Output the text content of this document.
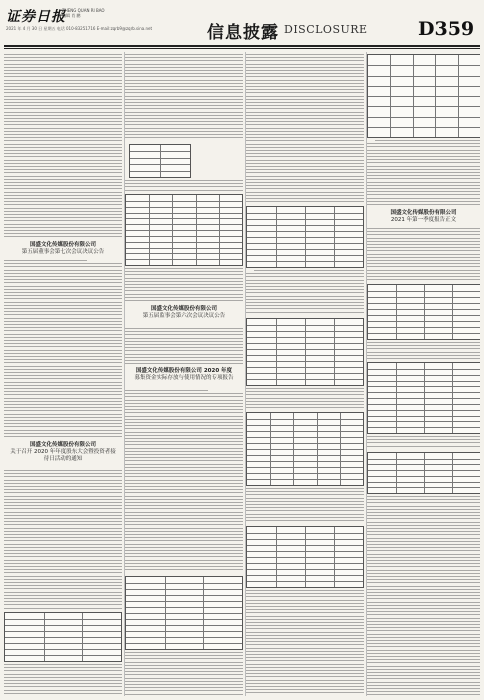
证券日报
ZHENG QUAN RI BAO
编辑 肖 鹏
2021 年 4 月 30 日 星期五 电话 010-83251716 E-mail:zqrb9@zqrb.sina.net	信息披露 DISCLOSURE	D359
国盛文化传媒股份有限公司
第五届董事会第七次会议决议公告
国盛文化传媒股份有限公司
第五届监事会第六次会议决议公告
国盛文化传媒股份有限公司
关于召开 2020 年年度股东大会暨投资者接待日活动的通知
国盛文化传媒股份有限公司 2020 年度
募集资金实际存放与使用情况的专项报告
国盛文化传媒股份有限公司
2021 年第一季度报告正文
